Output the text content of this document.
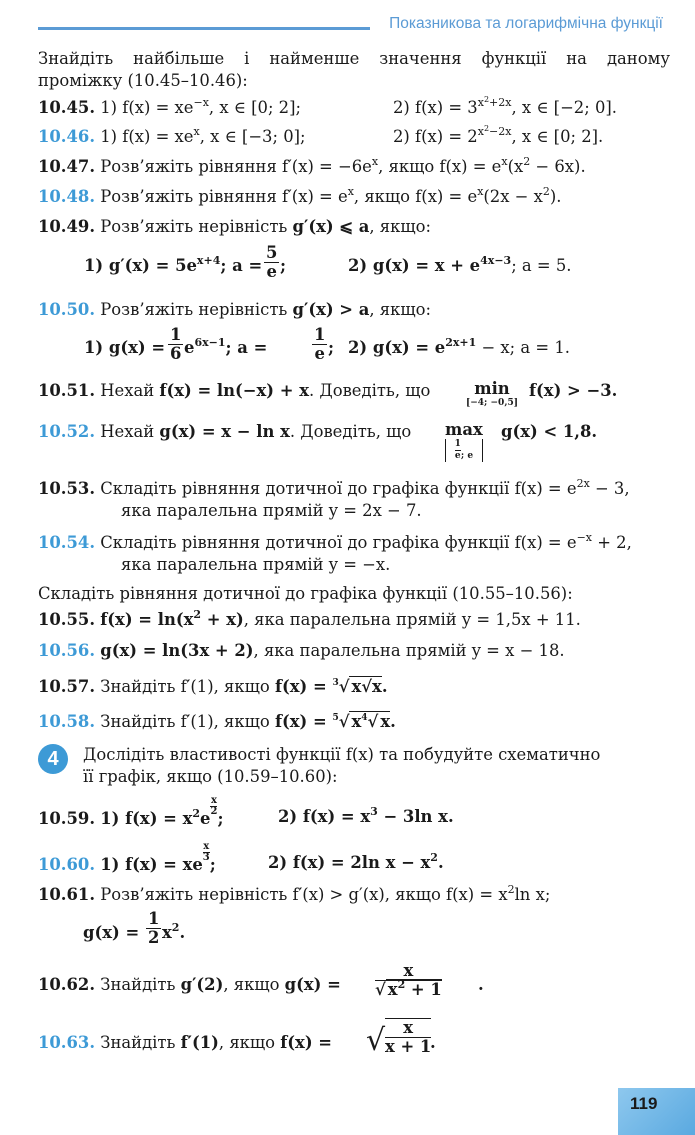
Показникова та логарифмічна функції
Знайдіть найбільше і найменше значення функції на даному
проміжку (10.45–10.46):
10.45. 1) $f(x) = xe^{-x}$, x ∈ [0; 2];	2) $f(x) = 3^{x^2+2x}$, x ∈ [−2; 0].
10.46. 1) $f(x) = xe^x$, x ∈ [−3; 0];	2) $f(x) = 2^{x^2-2x}$, x ∈ [0; 2].
10.47. Розв’яжіть рівняння $f'(x) = -6e^x$, якщо $f(x) = e^x(x^2 - 6x)$.
10.48. Розв’яжіть рівняння $f'(x) = e^x$, якщо $f(x) = e^x(2x - x^2)$.
10.49. Розв’яжіть нерівність g′(x) ⩽ a, якщо:
1) $g'(x) = 5e^{x+4}$; $a = \frac{5}{e}$ ;	2) $g(x) = x + e^{4x-3}$; a = 5.
10.50. Розв’яжіть нерівність g′(x) > a, якщо:
1) $g(x) = \frac{1}{6} e^{6x-1}$; a =	$\frac{1}{e}$ ; 2) $g(x) = e^{2x+1} - x$; a = 1.
10.51. Нехай f(x) = ln(−x) + x. Доведіть, що	min
[−4; −0,5]
f(x) > −3.
10.52. Нехай g(x) = x − ln x. Доведіть, що max
$\frac{1}{e}$ ; e
g(x) < 1,8.
10.53. Складіть рівняння дотичної до графіка функції $f(x) = e^{2x} - 3$,
яка паралельна прямій y = 2x − 7.
10.54. Складіть рівняння дотичної до графіка функції $f(x) = e^{-x} + 2$,
яка паралельна прямій y = −x.
Складіть рівняння дотичної до графіка функції (10.55–10.56):
10.55. $f(x) = \ln(x^2 + x)$, яка паралельна прямій y = 1,5x + 11.
10.56. g(x) = ln(3x + 2), яка паралельна прямій y = x − 18.
10.57. Знайдіть f′(1), якщо f(x) = $^3$√ x√x.
10.58. Знайдіть f′(1), якщо f(x) = $^5$√ $x^4√$ x.
4	Дослідіть властивості функції f(x) та побудуйте схематично
її графік, якщо (10.59–10.60):
10.59. 1) $f(x) = x^2e$
$\frac{x}{2}$
;	2) $f(x) = x^3 - 3\ln$ x.
10.60. 1) f(x) = xe
$\frac{x}{3}$
;	2) f(x) = 2ln $x - x^2$.
10.61. Розв’яжіть нерівність f′(x) > g′(x), якщо $f(x) = x^2\ln$ x;
$g(x) = \frac{1}{2} x^2$.
10.62. Знайдіть g′(2), якщо $g(x) = \frac{x}{√ x^2 + 1}$ .
10.63. Знайдіть f′(1), якщо f(x) = √ $\frac{x}{x + 1}$
.
119
